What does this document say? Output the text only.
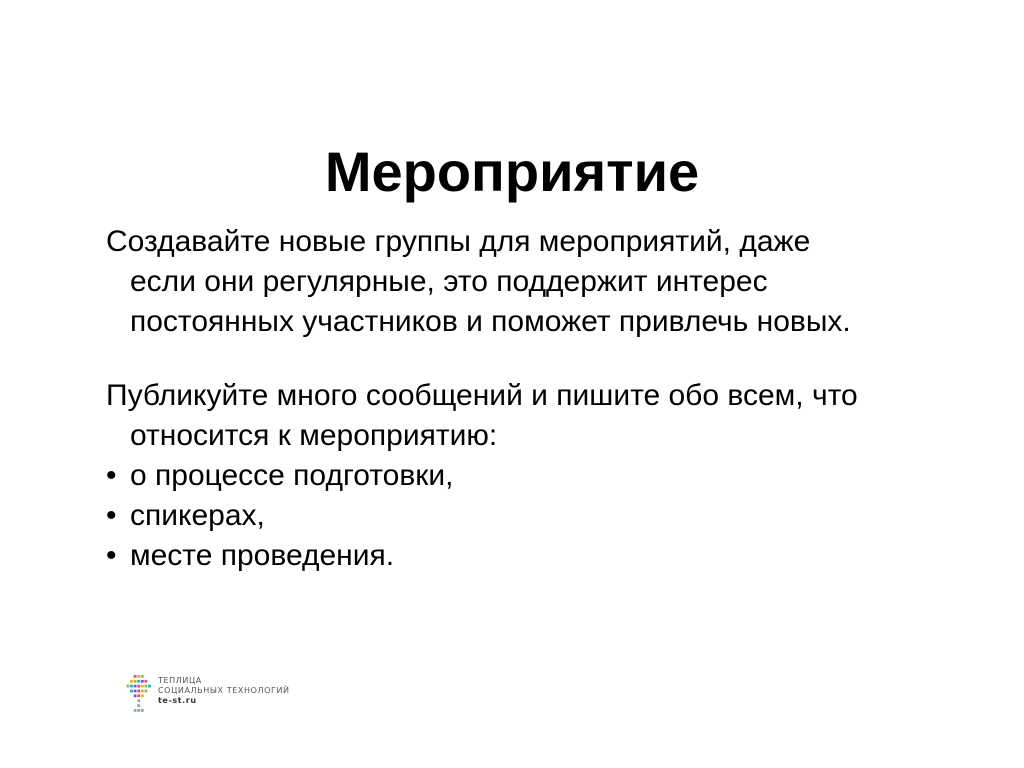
Мероприятие
Создавайте новые группы для мероприятий, даже
если они регулярные, это поддержит интерес
постоянных участников и поможет привлечь новых.
Публикуйте много сообщений и пишите обо всем, что
относится к мероприятию:
• о процессе подготовки,
• спикерах,
• месте проведения.
ТЕПЛИЦА
СОЦИАЛЬНЫХ ТЕХНОЛОГИЙ
te-st.ru
